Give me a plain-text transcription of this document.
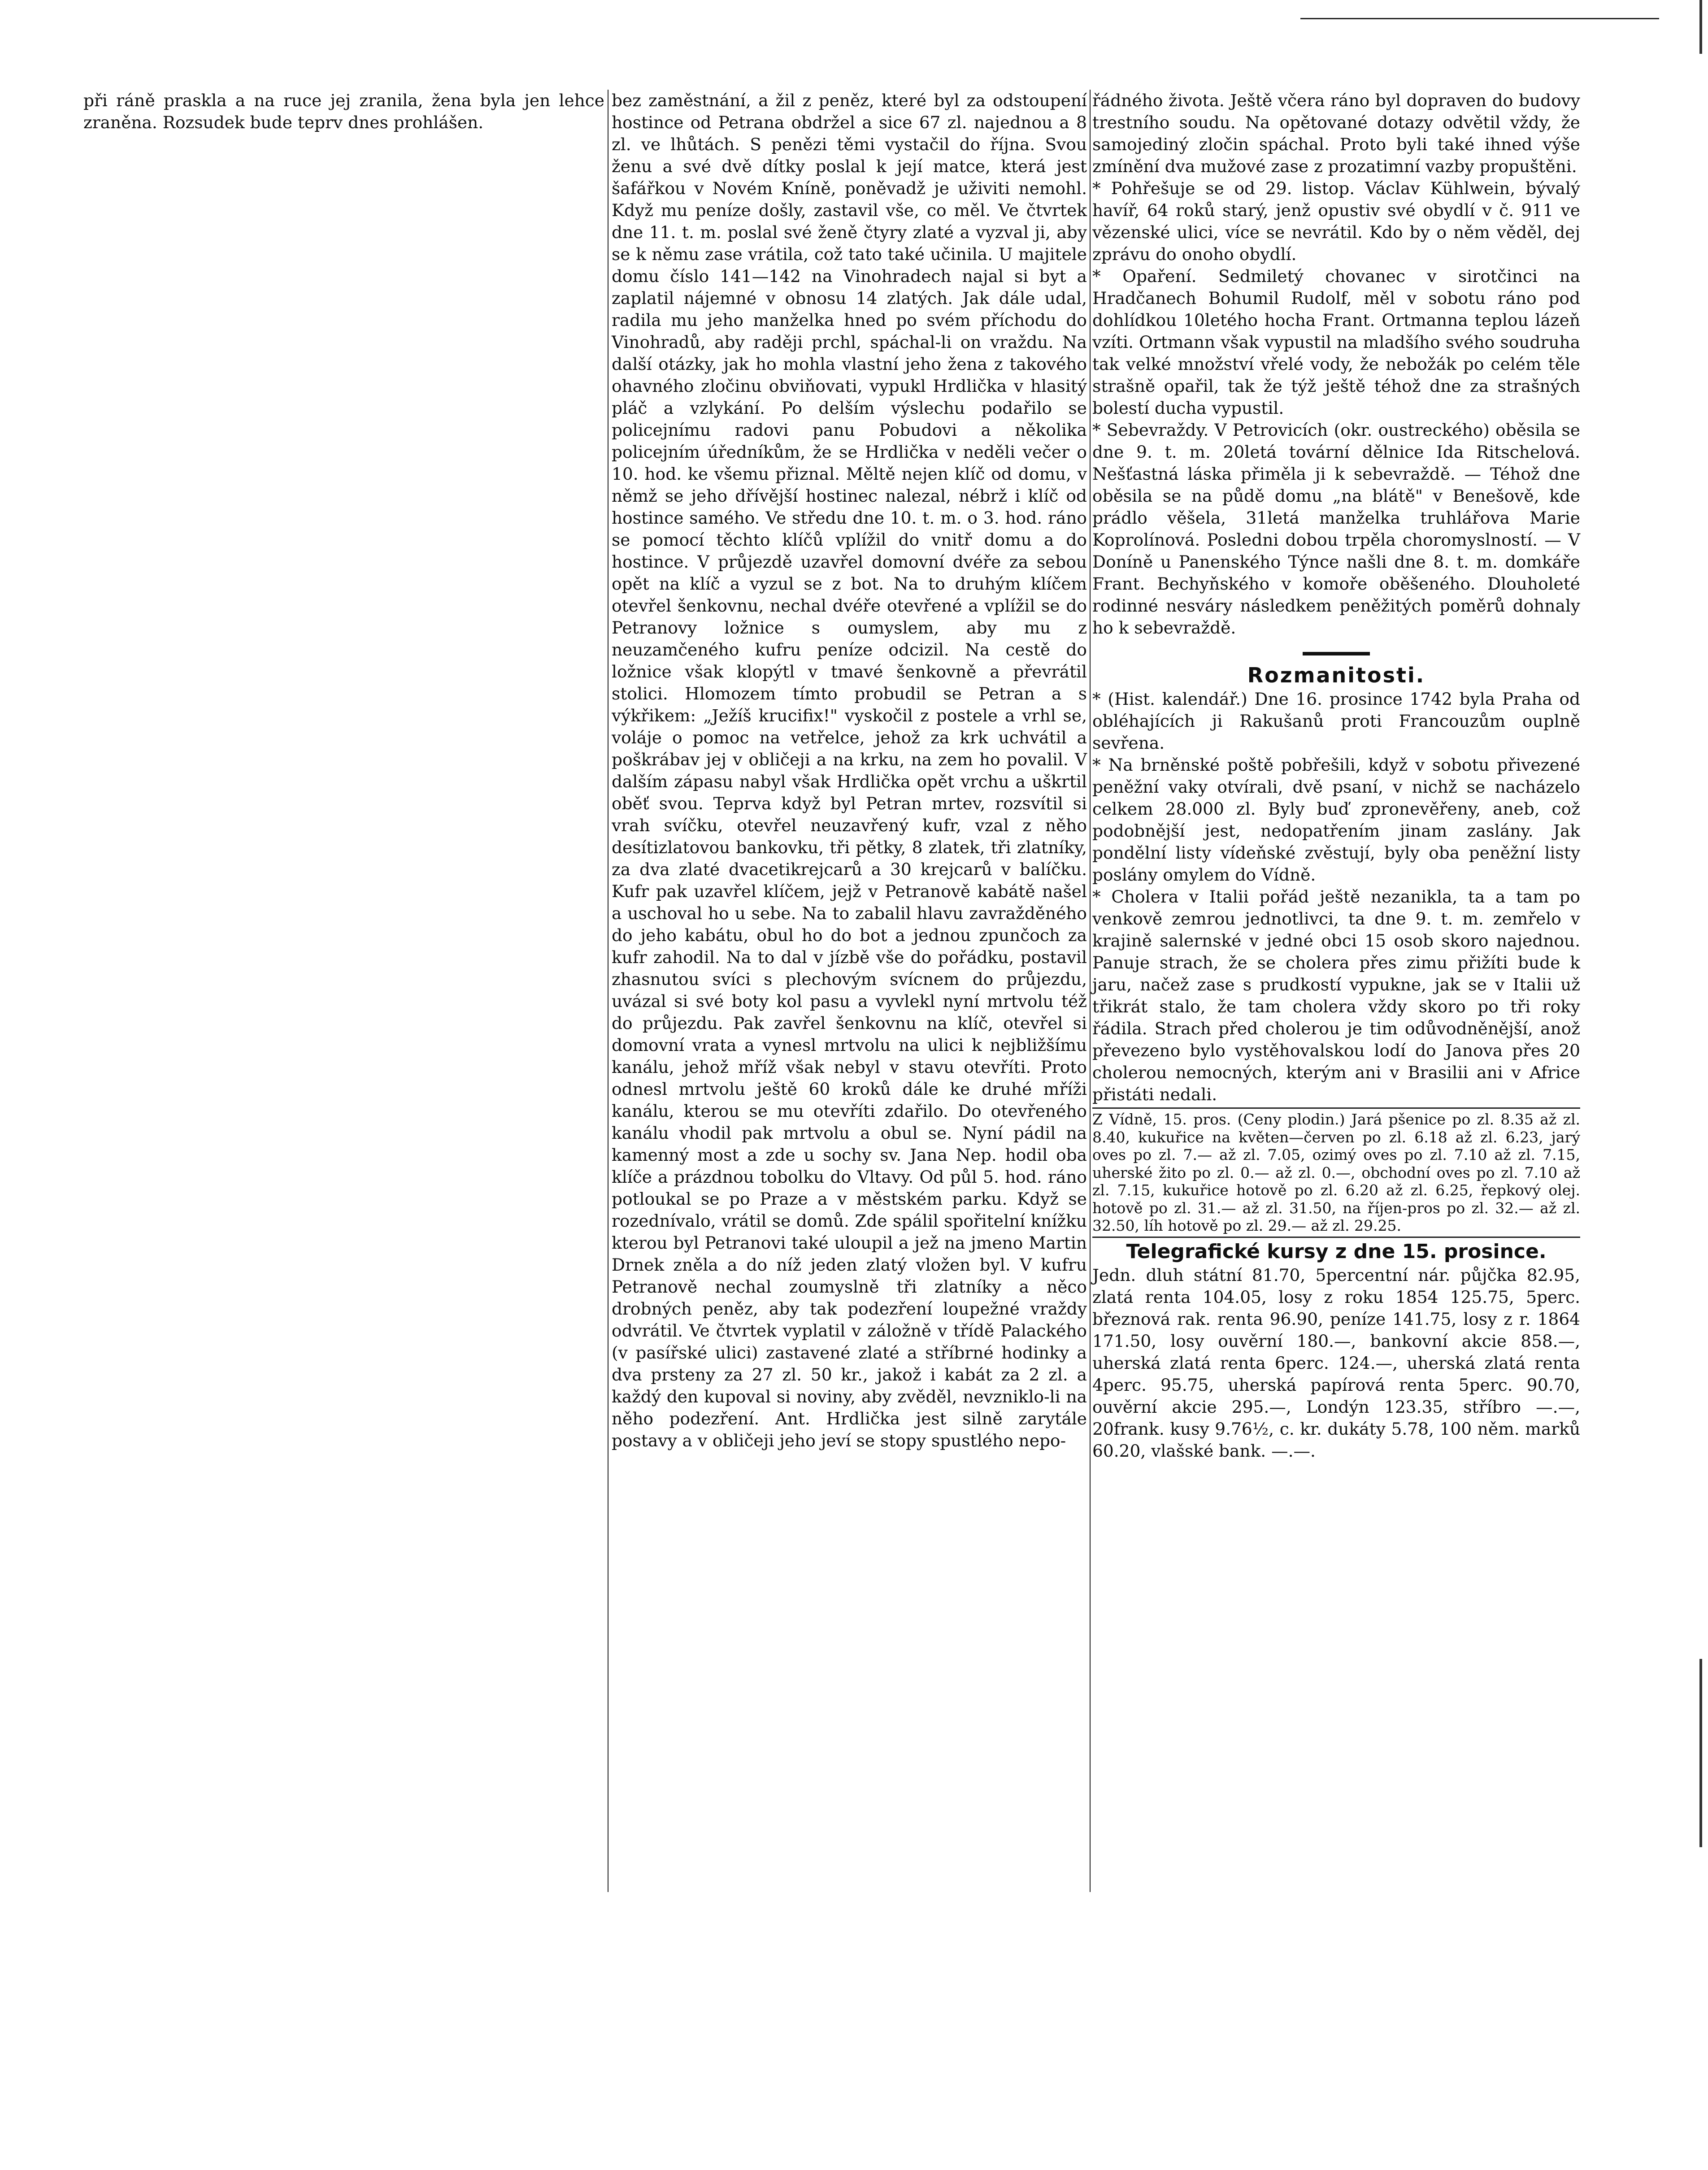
při ráně praskla a na ruce jej zranila, žena byla jen lehce zraněna. Rozsudek bude teprv dnes prohlášen.

bez zaměstnání, a žil z peněz, které byl za odstoupení hostince od Petrana obdržel a sice 67 zl. najednou a 8 zl. ve lhůtách. S penězi těmi vystačil do října. Svou ženu a své dvě dítky poslal k její matce, která jest šafářkou v Novém Kníně, poněvadž je uživiti nemohl. Když mu peníze došly, zastavil vše, co měl. Ve čtvrtek dne 11. t. m. poslal své ženě čtyry zlaté a vyzval ji, aby se k němu zase vrátila, což tato také učinila. U majitele domu číslo 141—142 na Vinohradech najal si byt a zaplatil nájemné v obnosu 14 zlatých. Jak dále udal, radila mu jeho manželka hned po svém příchodu do Vinohradů, aby raději prchl, spáchal-li on vraždu. Na další otázky, jak ho mohla vlastní jeho žena z takového ohavného zločinu obviňovati, vypukl Hrdlička v hlasitý pláč a vzlykání. Po delším výslechu podařilo se policejnímu radovi panu Pobudovi a několika policejním úředníkům, že se Hrdlička v neděli večer o 10. hod. ke všemu přiznal. Měltě nejen klíč od domu, v němž se jeho dřívější hostinec nalezal, nébrž i klíč od hostince samého. Ve středu dne 10. t. m. o 3. hod. ráno se pomocí těchto klíčů vplížil do vnitř domu a do hostince. V průjezdě uzavřel domovní dvéře za sebou opět na klíč a vyzul se z bot. Na to druhým klíčem otevřel šenkovnu, nechal dvéře otevřené a vplížil se do Petranovy ložnice s oumyslem, aby mu z neuzamčeného kufru peníze odcizil. Na cestě do ložnice však klopýtl v tmavé šenkovně a převrátil stolici. Hlomozem tímto probudil se Petran a s výkřikem: „Ježíš krucifix!" vyskočil z postele a vrhl se, voláje o pomoc na vetřelce, jehož za krk uchvátil a poškrábav jej v obličeji a na krku, na zem ho povalil. V dalším zápasu nabyl však Hrdlička opět vrchu a uškrtil oběť svou. Teprva když byl Petran mrtev, rozsvítil si vrah svíčku, otevřel neuzavřený kufr, vzal z něho desítizlatovou bankovku, tři pětky, 8 zlatek, tři zlatníky, za dva zlaté dvacetikrejcarů a 30 krejcarů v balíčku. Kufr pak uzavřel klíčem, jejž v Petranově kabátě našel a uschoval ho u sebe. Na to zabalil hlavu zavražděného do jeho kabátu, obul ho do bot a jednou zpunčoch za kufr zahodil. Na to dal v jízbě vše do pořádku, postavil zhasnutou svíci s plechovým svícnem do průjezdu, uvázal si své boty kol pasu a vyvlekl nyní mrtvolu též do průjezdu. Pak zavřel šenkovnu na klíč, otevřel si domovní vrata a vynesl mrtvolu na ulici k nejbližšímu kanálu, jehož mříž však nebyl v stavu otevříti. Proto odnesl mrtvolu ještě 60 kroků dále ke druhé mříži kanálu, kterou se mu otevříti zdařilo. Do otevřeného kanálu vhodil pak mrtvolu a obul se. Nyní pádil na kamenný most a zde u sochy sv. Jana Nep. hodil oba klíče a prázdnou tobolku do Vltavy. Od půl 5. hod. ráno potloukal se po Praze a v městském parku. Když se rozednívalo, vrátil se domů. Zde spálil spořitelní knížku kterou byl Petranovi také uloupil a jež na jmeno Martin Drnek zněla a do níž jeden zlatý vložen byl. V kufru Petranově nechal zoumyslně tři zlatníky a něco drobných peněz, aby tak podezření loupežné vraždy odvrátil. Ve čtvrtek vyplatil v záložně v třídě Palackého (v pasířské ulici) zastavené zlaté a stříbrné hodinky a dva prsteny za 27 zl. 50 kr., jakož i kabát za 2 zl. a každý den kupoval si noviny, aby zvěděl, nevzniklo-li na něho podezření. Ant. Hrdlička jest silně zarytále postavy a v obličeji jeho jeví se stopy spustlého nepo-

řádného života. Ještě včera ráno byl dopraven do budovy trestního soudu. Na opětované dotazy odvětil vždy, že samojediný zločin spáchal. Proto byli také ihned výše zmínění dva mužové zase z prozatimní vazby propuštěni.

* Pohřešuje se od 29. listop. Václav Kühlwein, bývalý havíř, 64 roků starý, jenž opustiv své obydlí v č. 911 ve vězenské ulici, více se nevrátil. Kdo by o něm věděl, dej zprávu do onoho obydlí.

* Opaření. Sedmiletý chovanec v sirotčinci na Hradčanech Bohumil Rudolf, měl v sobotu ráno pod dohlídkou 10letého hocha Frant. Ortmanna teplou lázeň vzíti. Ortmann však vypustil na mladšího svého soudruha tak velké množství vřelé vody, že nebožák po celém těle strašně opařil, tak že týž ještě téhož dne za strašných bolestí ducha vypustil.

* Sebevraždy. V Petrovicích (okr. oustreckého) oběsila se dne 9. t. m. 20letá tovární dělnice Ida Ritschelová. Nešťastná láska přiměla ji k sebevraždě. — Téhož dne oběsila se na půdě domu „na blátě" v Benešově, kde prádlo věšela, 31letá manželka truhlářova Marie Koprolínová. Posledni dobou trpěla choromyslností. — V Doníně u Panenského Týnce našli dne 8. t. m. domkáře Frant. Bechyňského v komoře oběšeného. Dlouholeté rodinné nesváry následkem peněžitých poměrů dohnaly ho k sebevraždě.

Rozmanitosti.

* (Hist. kalendář.) Dne 16. prosince 1742 byla Praha od obléhajících ji Rakušanů proti Francouzům ouplně sevřena.

* Na brněnské poště pobřešili, když v sobotu přivezené peněžní vaky otvírali, dvě psaní, v nichž se nacházelo celkem 28.000 zl. Byly buď zpronevěřeny, aneb, což podobnější jest, nedopatřením jinam zaslány. Jak pondělní listy vídeňské zvěstují, byly oba peněžní listy poslány omylem do Vídně.

* Cholera v Italii pořád ještě nezanikla, ta a tam po venkově zemrou jednotlivci, ta dne 9. t. m. zemřelo v krajině salernské v jedné obci 15 osob skoro najednou. Panuje strach, že se cholera přes zimu přižíti bude k jaru, načež zase s prudkostí vypukne, jak se v Italii už třikrát stalo, že tam cholera vždy skoro po tři roky řádila. Strach před cholerou je tim odůvodněnější, anož převezeno bylo vystěhovalskou lodí do Janova přes 20 cholerou nemocných, kterým ani v Brasilii ani v Africe přistáti nedali.

Z Vídně, 15. pros. (Ceny plodin.) Jará pšenice po zl. 8.35 až zl. 8.40, kukuřice na květen—červen po zl. 6.18 až zl. 6.23, jarý oves po zl. 7.— až zl. 7.05, ozimý oves po zl. 7.10 až zl. 7.15, uherské žito po zl. 0.— až zl. 0.—, obchodní oves po zl. 7.10 až zl. 7.15, kukuřice hotově po zl. 6.20 až zl. 6.25, řepkový olej. hotově po zl. 31.— až zl. 31.50, na říjen-pros po zl. 32.— až zl. 32.50, líh hotově po zl. 29.— až zl. 29.25.

Telegrafické kursy z dne 15. prosince.

Jedn. dluh státní 81.70, 5percentní nár. půjčka 82.95, zlatá renta 104.05, losy z roku 1854 125.75, 5perc. březnová rak. renta 96.90, peníze 141.75, losy z r. 1864 171.50, losy ouvěrní 180.—, bankovní akcie 858.—, uherská zlatá renta 6perc. 124.—, uherská zlatá renta 4perc. 95.75, uherská papírová renta 5perc. 90.70, ouvěrní akcie 295.—, Londýn 123.35, stříbro —.—, 20frank. kusy 9.76½, c. kr. dukáty 5.78, 100 něm. marků 60.20, vlašské bank. —.—.
